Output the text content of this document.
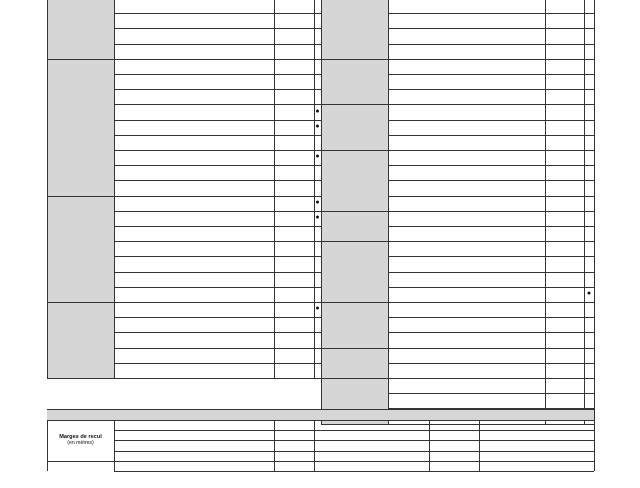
●
●
●
●
●
●
●
Marges de recul
(en mètres)
